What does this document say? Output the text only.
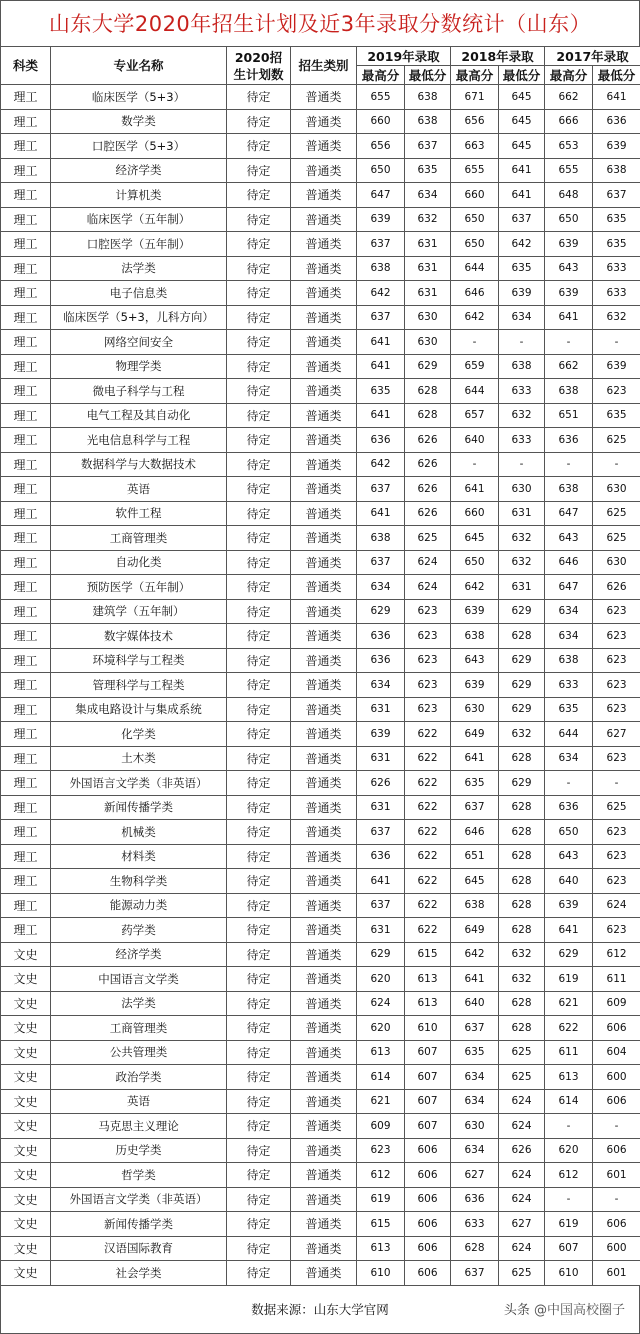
山东大学2020年招生计划及近3年录取分数统计（山东）
科类	专业名称	2020招
生计划数	招生类别	2019年录取		2018年录取		2017年录取	
				最高分	最低分	最高分	最低分	最高分	最低分
理工	临床医学（5+3）	待定	普通类	655	638	671	645	662	641
理工	数学类	待定	普通类	660	638	656	645	666	636
理工	口腔医学（5+3）	待定	普通类	656	637	663	645	653	639
理工	经济学类	待定	普通类	650	635	655	641	655	638
理工	计算机类	待定	普通类	647	634	660	641	648	637
理工	临床医学（五年制）	待定	普通类	639	632	650	637	650	635
理工	口腔医学（五年制）	待定	普通类	637	631	650	642	639	635
理工	法学类	待定	普通类	638	631	644	635	643	633
理工	电子信息类	待定	普通类	642	631	646	639	639	633
理工	临床医学（5+3，儿科方向）	待定	普通类	637	630	642	634	641	632
理工	网络空间安全	待定	普通类	641	630	-	-	-	-
理工	物理学类	待定	普通类	641	629	659	638	662	639
理工	微电子科学与工程	待定	普通类	635	628	644	633	638	623
理工	电气工程及其自动化	待定	普通类	641	628	657	632	651	635
理工	光电信息科学与工程	待定	普通类	636	626	640	633	636	625
理工	数据科学与大数据技术	待定	普通类	642	626	-	-	-	-
理工	英语	待定	普通类	637	626	641	630	638	630
理工	软件工程	待定	普通类	641	626	660	631	647	625
理工	工商管理类	待定	普通类	638	625	645	632	643	625
理工	自动化类	待定	普通类	637	624	650	632	646	630
理工	预防医学（五年制）	待定	普通类	634	624	642	631	647	626
理工	建筑学（五年制）	待定	普通类	629	623	639	629	634	623
理工	数字媒体技术	待定	普通类	636	623	638	628	634	623
理工	环境科学与工程类	待定	普通类	636	623	643	629	638	623
理工	管理科学与工程类	待定	普通类	634	623	639	629	633	623
理工	集成电路设计与集成系统	待定	普通类	631	623	630	629	635	623
理工	化学类	待定	普通类	639	622	649	632	644	627
理工	土木类	待定	普通类	631	622	641	628	634	623
理工	外国语言文学类（非英语）	待定	普通类	626	622	635	629	-	-
理工	新闻传播学类	待定	普通类	631	622	637	628	636	625
理工	机械类	待定	普通类	637	622	646	628	650	623
理工	材料类	待定	普通类	636	622	651	628	643	623
理工	生物科学类	待定	普通类	641	622	645	628	640	623
理工	能源动力类	待定	普通类	637	622	638	628	639	624
理工	药学类	待定	普通类	631	622	649	628	641	623
文史	经济学类	待定	普通类	629	615	642	632	629	612
文史	中国语言文学类	待定	普通类	620	613	641	632	619	611
文史	法学类	待定	普通类	624	613	640	628	621	609
文史	工商管理类	待定	普通类	620	610	637	628	622	606
文史	公共管理类	待定	普通类	613	607	635	625	611	604
文史	政治学类	待定	普通类	614	607	634	625	613	600
文史	英语	待定	普通类	621	607	634	624	614	606
文史	马克思主义理论	待定	普通类	609	607	630	624	-	-
文史	历史学类	待定	普通类	623	606	634	626	620	606
文史	哲学类	待定	普通类	612	606	627	624	612	601
文史	外国语言文学类（非英语）	待定	普通类	619	606	636	624	-	-
文史	新闻传播学类	待定	普通类	615	606	633	627	619	606
文史	汉语国际教育	待定	普通类	613	606	628	624	607	600
文史	社会学类	待定	普通类	610	606	637	625	610	601
数据来源：山东大学官网	头条 @中国高校圈子
